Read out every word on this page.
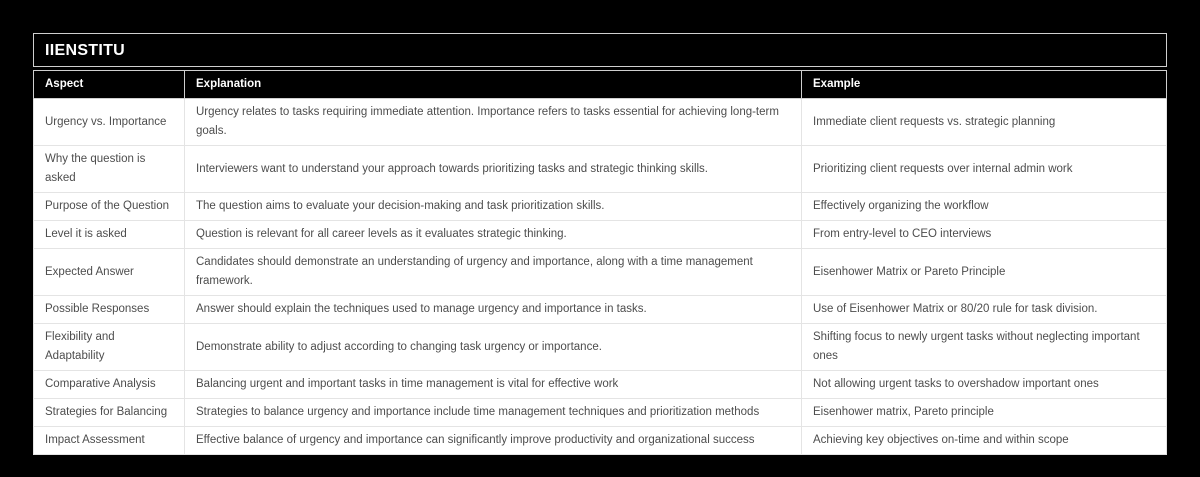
IIENSTITU
Aspect	Explanation	Example
Urgency vs. Importance	Urgency relates to tasks requiring immediate attention. Importance refers to tasks essential for achieving long-term goals.	Immediate client requests vs. strategic planning
Why the question is asked	Interviewers want to understand your approach towards prioritizing tasks and strategic thinking skills.	Prioritizing client requests over internal admin work
Purpose of the Question	The question aims to evaluate your decision-making and task prioritization skills.	Effectively organizing the workflow
Level it is asked	Question is relevant for all career levels as it evaluates strategic thinking.	From entry-level to CEO interviews
Expected Answer	Candidates should demonstrate an understanding of urgency and importance, along with a time management framework.	Eisenhower Matrix or Pareto Principle
Possible Responses	Answer should explain the techniques used to manage urgency and importance in tasks.	Use of Eisenhower Matrix or 80/20 rule for task division.
Flexibility and Adaptability	Demonstrate ability to adjust according to changing task urgency or importance.	Shifting focus to newly urgent tasks without neglecting important ones
Comparative Analysis	Balancing urgent and important tasks in time management is vital for effective work	Not allowing urgent tasks to overshadow important ones
Strategies for Balancing	Strategies to balance urgency and importance include time management techniques and prioritization methods	Eisenhower matrix, Pareto principle
Impact Assessment	Effective balance of urgency and importance can significantly improve productivity and organizational success	Achieving key objectives on-time and within scope
